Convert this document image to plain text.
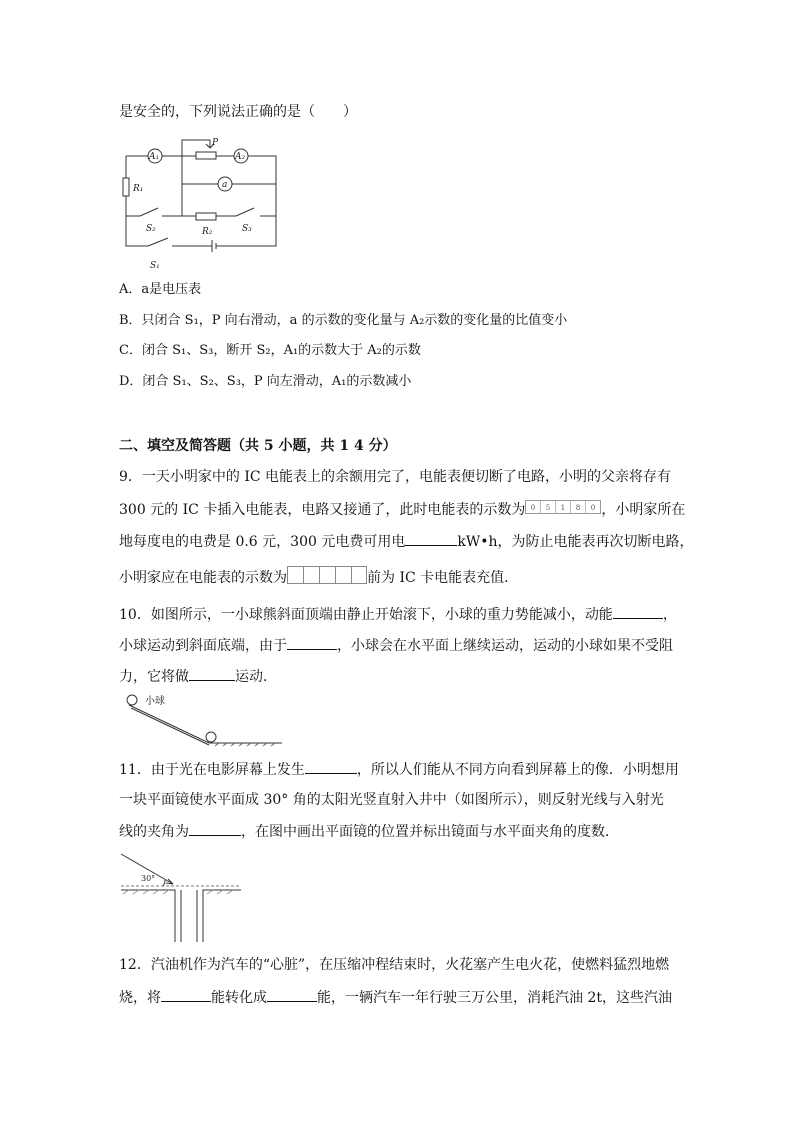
是安全的，下列说法正确的是（　　）
A₁	A₂
a
P
R₁
R₂
S₂	S₃
S₁
A．a是电压表
B．只闭合 S₁，P 向右滑动，a 的示数的变化量与 A₂示数的变化量的比值变小
C．闭合 S₁、S₃，断开 S₂，A₁的示数大于 A₂的示数
D．闭合 S₁、S₂、S₃，P 向左滑动，A₁的示数减小
二、填空及简答题（共 5 小题，共 1 4 分）
9．一天小明家中的 IC 电能表上的余额用完了，电能表便切断了电路，小明的父亲将存有
300 元的 IC 卡插入电能表，电路又接通了，此时电能表的示数为 0 5 1 8 0 ，小明家所在
地每度电的电费是 0.6 元，300 元电费可用电	kW•h，为防止电能表再次切断电路，
小明家应在电能表的示数为	前为 IC 卡电能表充值．
10．如图所示，一小球熊斜面顶端由静止开始滚下，小球的重力势能减小，动能	，
小球运动到斜面底端，由于	，小球会在水平面上继续运动，运动的小球如果不受阻
力，它将做	运动．
小球
11．由于光在电影屏幕上发生	，所以人们能从不同方向看到屏幕上的像．小明想用
一块平面镜使水平面成 30° 角的太阳光竖直射入井中（如图所示），则反射光线与入射光
线的夹角为	，在图中画出平面镜的位置并标出镜面与水平面夹角的度数．
30°
12．汽油机作为汽车的“心脏”，在压缩冲程结束时，火花塞产生电火花，使燃料猛烈地燃
烧，将	能转化成	能，一辆汽车一年行驶三万公里，消耗汽油 2t，这些汽油
